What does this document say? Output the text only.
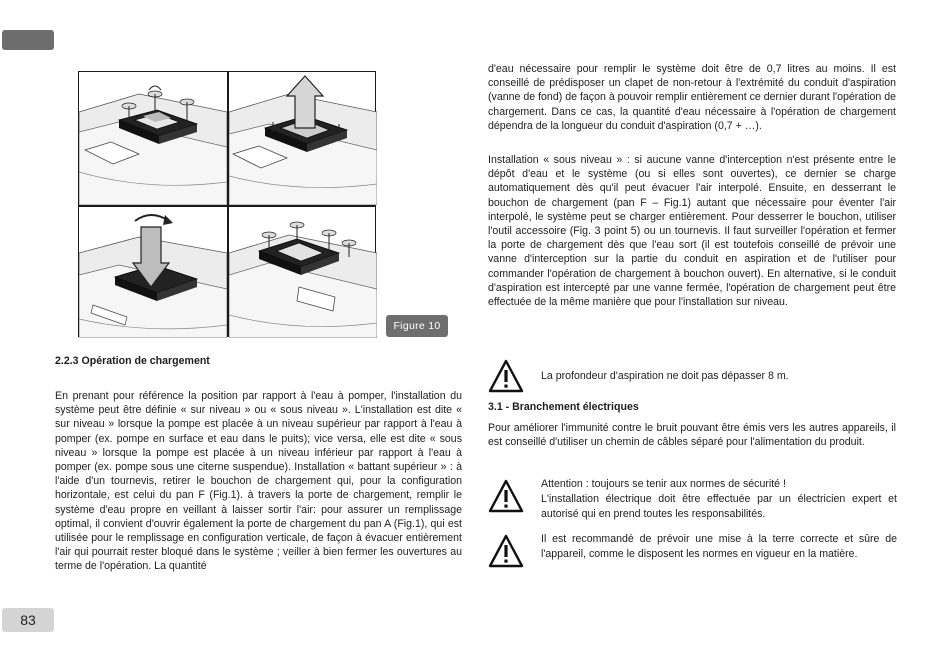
Figure 10

2.2.3 Opération de chargement

En prenant pour référence la position par rapport à l'eau à pomper, l'installation du système peut être définie « sur niveau » ou « sous niveau ». L'installation est dite « sur niveau » lorsque la pompe est placée à un niveau supérieur par rapport à l'eau à pomper (ex. pompe en surface et eau dans le puits); vice versa, elle est dite « sous niveau » lorsque la pompe est placée à un niveau inférieur par rapport à l'eau à pomper (ex. pompe sous une citerne suspendue). Installation « battant supérieur » : à l'aide d'un tournevis, retirer le bouchon de chargement qui, pour la configuration horizontale, est celui du pan F (Fig.1). à travers la porte de chargement, remplir le système d'eau propre en veillant à laisser sortir l'air: pour assurer un remplissage optimal, il convient d'ouvrir également la porte de chargement du pan A (Fig.1), qui est utilisée pour le remplissage en configuration verticale, de façon à évacuer entièrement l'air qui pourrait rester bloqué dans le système ; veiller à bien fermer les ouvertures au terme de l'opération. La quantité

d'eau nécessaire pour remplir le système doit être de 0,7 litres au moins. Il est conseillé de prédisposer un clapet de non-retour à l'extrémité du conduit d'aspiration (vanne de fond) de façon à pouvoir remplir entièrement ce dernier durant l'opération de chargement. Dans ce cas, la quantité d'eau nécessaire à l'opération de chargement dépendra de la longueur du conduit d'aspiration (0,7 + …).

Installation « sous niveau » : si aucune vanne d'interception n'est présente entre le dépôt d'eau et le système (ou si elles sont ouvertes), ce dernier se charge automatiquement dès qu'il peut évacuer l'air interpolé. Ensuite, en desserrant le bouchon de chargement (pan F – Fig.1) autant que nécessaire pour éventer l'air interpolé, le système peut se charger entièrement. Pour desserrer le bouchon, utiliser l'outil accessoire (Fig. 3 point 5) ou un tournevis. Il faut surveiller l'opération et fermer la porte de chargement dès que l'eau sort (il est toutefois conseillé de prévoir une vanne d'interception sur la partie du conduit en aspiration et de l'utiliser pour commander l'opération de chargement à bouchon ouvert). En alternative, si le conduit d'aspiration est intercepté par une vanne fermée, l'opération de chargement peut être effectuée de la même manière que pour l'installation sur niveau.

La profondeur d'aspiration ne doit pas dépasser 8 m.

3.1 - Branchement électriques

Pour améliorer l'immunité contre le bruit pouvant être émis vers les autres appareils, il est conseillé d'utiliser un chemin de câbles séparé pour l'alimentation du produit.

Attention : toujours se tenir aux normes de sécurité !
L'installation électrique doit être effectuée par un électricien expert et autorisé qui en prend toutes les responsabilités.
Il est recommandé de prévoir une mise à la terre correcte et sûre de l'appareil, comme le disposent les normes en vigueur en la matière.
83
